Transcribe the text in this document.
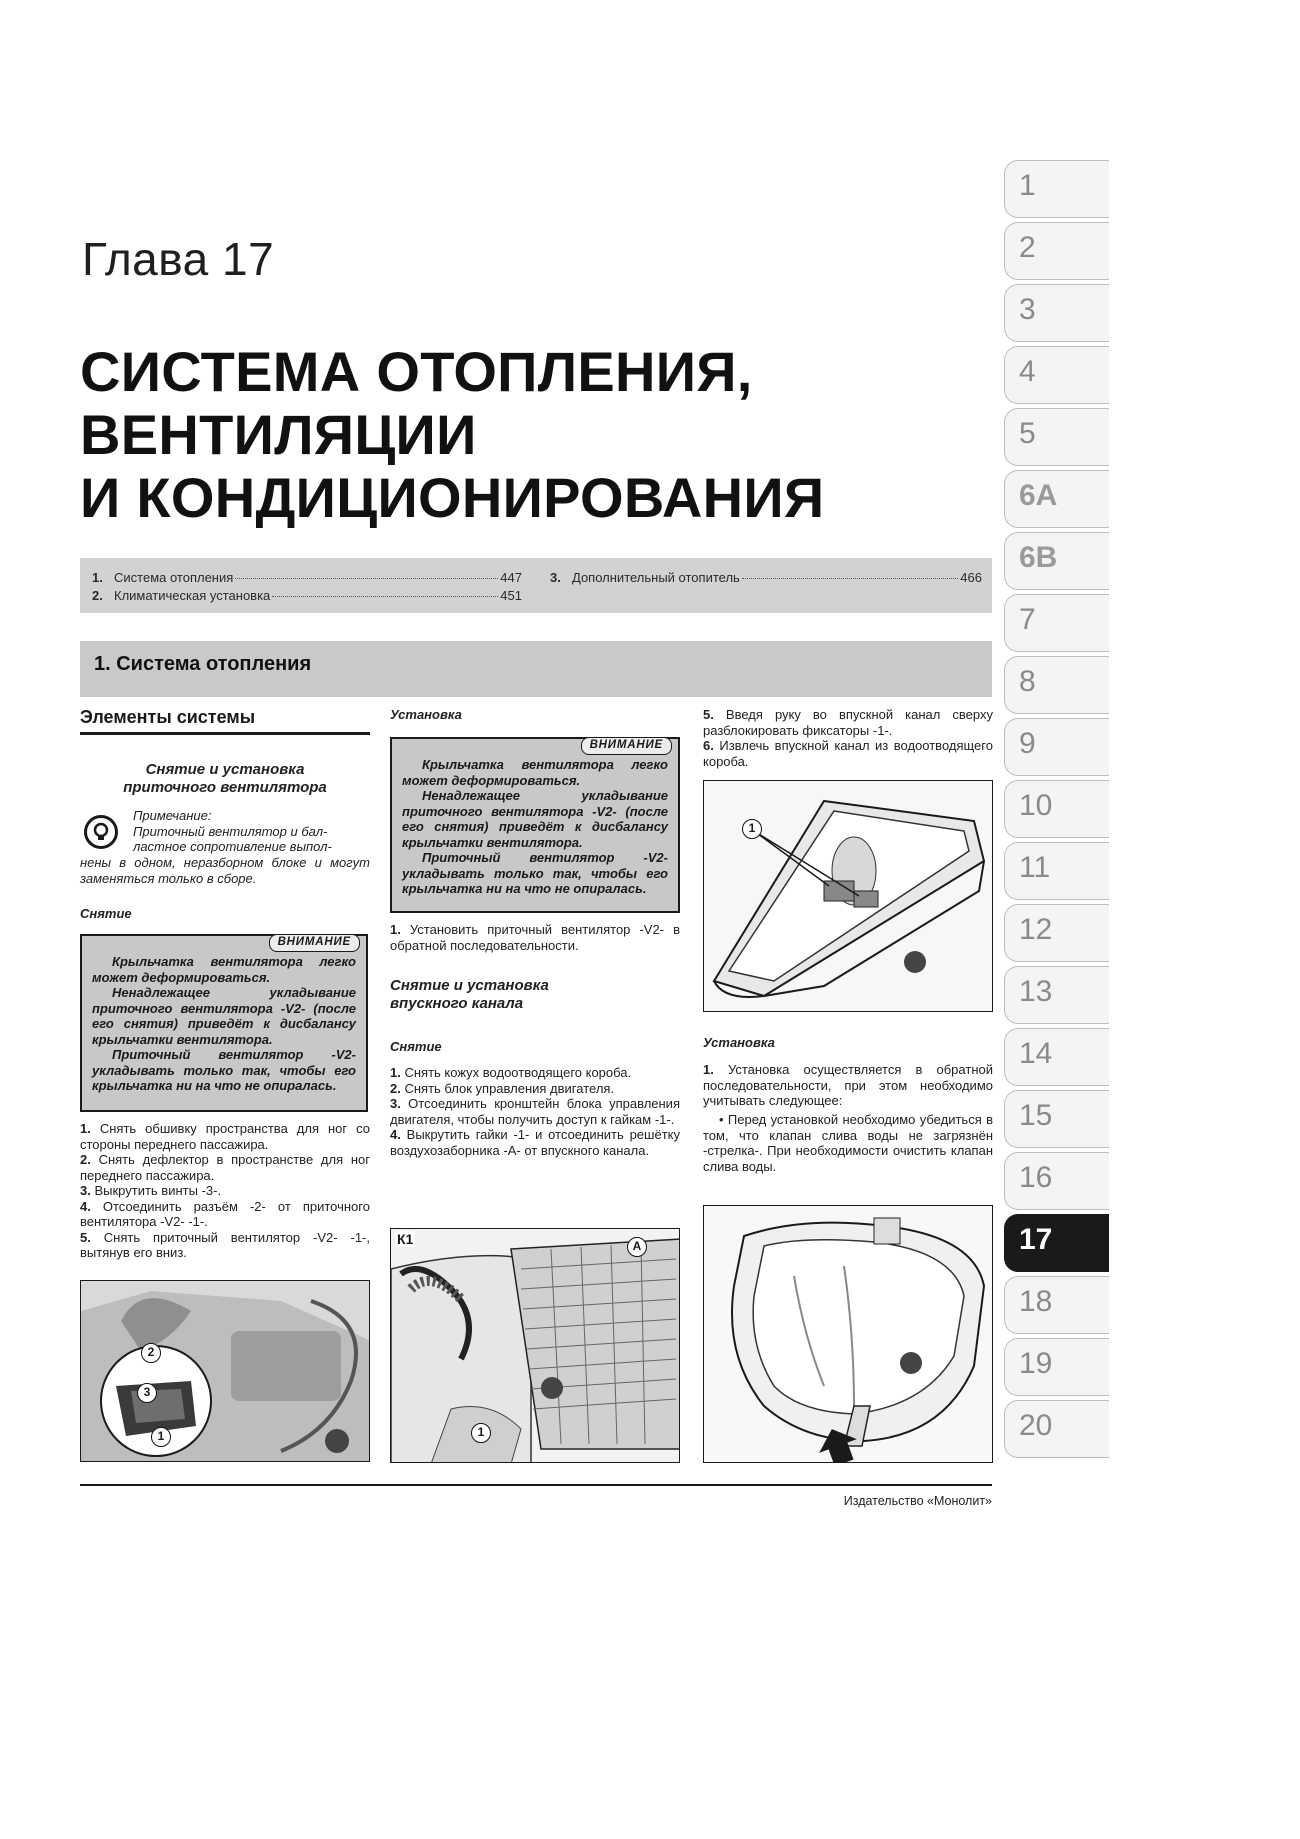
Глава 17
СИСТЕМА ОТОПЛЕНИЯ,
ВЕНТИЛЯЦИИ
И КОНДИЦИОНИРОВАНИЯ
1. Система отопления	447
2. Климатическая установка	451
3. Дополнительный отопитель	466
1. Система отопления
1
2
3
4
5
6A
6B
7
8
9
10
11
12
13
14
15
16
17
18
19
20
Элементы системы
Снятие и установка
приточного вентилятора
Примечание:
Приточный вентилятор и бал-
ластное сопротивление выпол-
нены в одном, неразборном блоке и могут заменяться только в сборе.
Снятие
ВНИМАНИЕ

Крыльчатка вентилятора легко может деформироваться.

Ненадлежащее укладывание приточного вентилятора -V2- (после его снятия) приведёт к дисбалансу крыльчатки вентилятора.

Приточный вентилятор -V2- укладывать только так, чтобы его крыльчатка ни на что не опиралась.

1. Снять обшивку пространства для ног со стороны переднего пассажира.
2. Снять дефлектор в пространстве для ног переднего пассажира.
3. Выкрутить винты -3-.
4. Отсоединить разъём -2- от приточного вентилятора -V2- -1-.
5. Снять приточный вентилятор -V2- -1-, вытянув его вниз.
2
3
1
Установка
ВНИМАНИЕ

Крыльчатка вентилятора легко может деформироваться.

Ненадлежащее укладывание приточного вентилятора -V2- (после его снятия) приведёт к дисбалансу крыльчатки вентилятора.

Приточный вентилятор -V2- укладывать только так, чтобы его крыльчатка ни на что не опиралась.

1. Установить приточный вентилятор -V2- в обратной последовательности.
Снятие и установка
впускного канала
Снятие
1. Снять кожух водоотводящего короба.
2. Снять блок управления двигателя.
3. Отсоединить кронштейн блока управления двигателя, чтобы получить доступ к гайкам -1-.
4. Выкрутить гайки -1- и отсоединить решётку воздухозаборника -A- от впускного канала.
К1	A
1
5. Введя руку во впускной канал сверху разблокировать фиксаторы -1-.
6. Извлечь впускной канал из водоотводящего короба.
1
Установка
1. Установка осуществляется в обратной последовательности, при этом необходимо учитывать следующее:
• Перед установкой необходимо убедиться в том, что клапан слива воды не загрязнён -стрелка-. При необходимости очистить клапан слива воды.
Издательство «Монолит»
